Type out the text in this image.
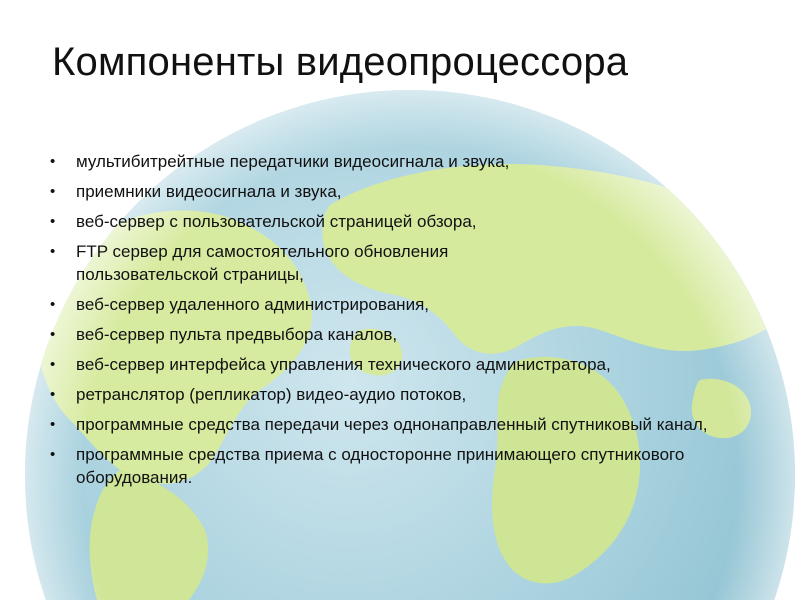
Компоненты видеопроцессора
•	мультибитрейтные передатчики видеосигнала и звука,
•	приемники видеосигнала и звука,
•	веб-сервер с пользовательской страницей обзора,
•	FTP сервер для самостоятельного обновления пользовательской страницы,
•	веб-сервер удаленного администрирования,
•	веб-сервер пульта предвыбора каналов,
•	веб-сервер интерфейса управления технического администратора,
•	ретранслятор (репликатор) видео-аудио потоков,
•	программные средства передачи через однонаправленный спутниковый канал,
•	программные средства приема с односторонне принимающего спутникового оборудования.
